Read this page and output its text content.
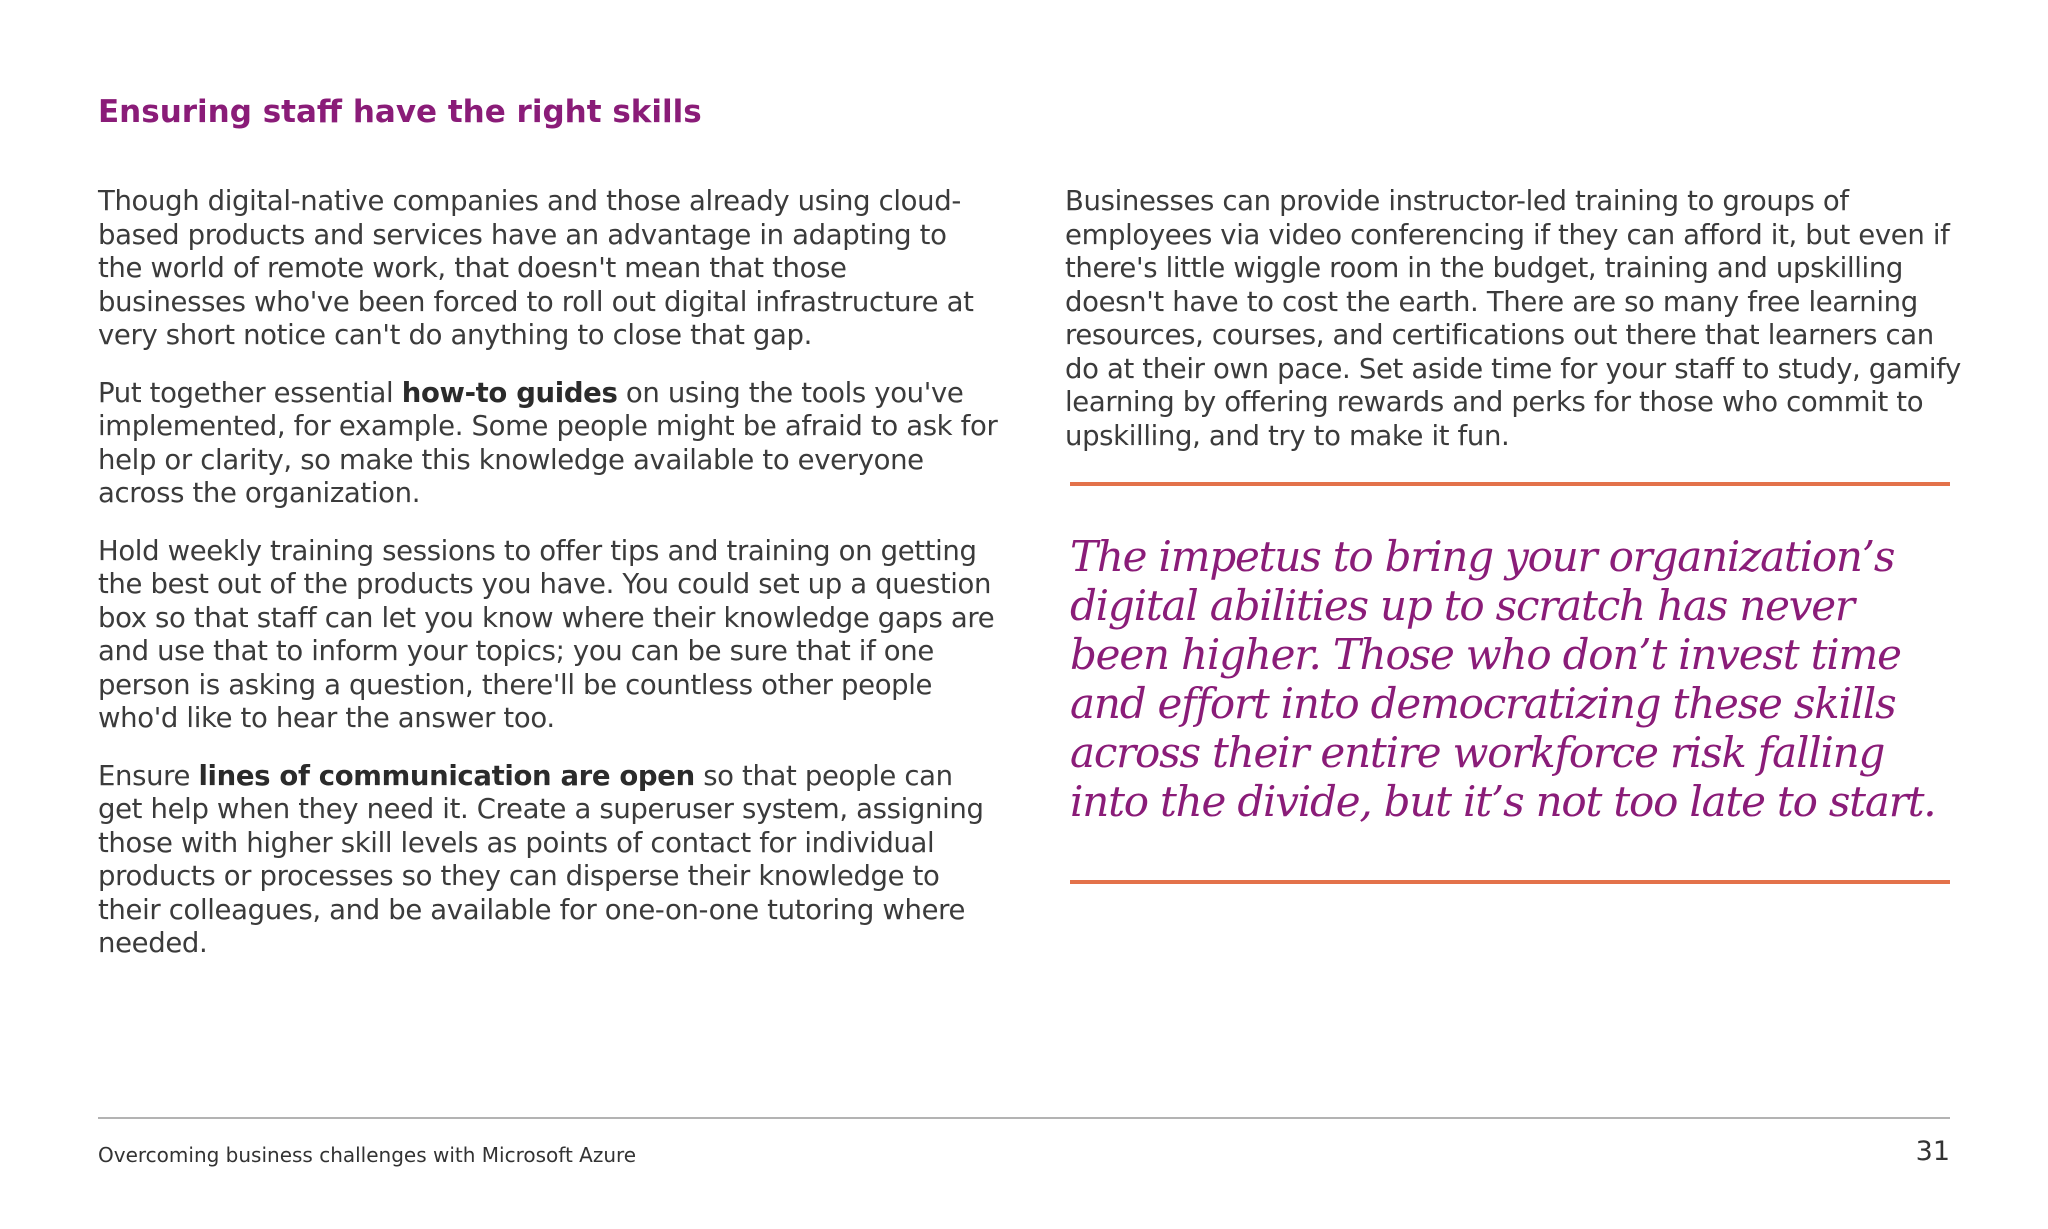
Ensuring staff have the right skills

Though digital-native companies and those already using cloud-based products and services have an advantage in adapting to the world of remote work, that doesn't mean that those businesses who've been forced to roll out digital infrastructure at very short notice can't do anything to close that gap.

Put together essential how-to guides on using the tools you've implemented, for example. Some people might be afraid to ask for help or clarity, so make this knowledge available to everyone across the organization.

Hold weekly training sessions to offer tips and training on getting the best out of the products you have. You could set up a question box so that staff can let you know where their knowledge gaps are and use that to inform your topics; you can be sure that if one person is asking a question, there'll be countless other people who'd like to hear the answer too.

Ensure lines of communication are open so that people can get help when they need it. Create a superuser system, assigning those with higher skill levels as points of contact for individual products or processes so they can disperse their knowledge to their colleagues, and be available for one-on-one tutoring where needed.

Businesses can provide instructor-led training to groups of employees via video conferencing if they can afford it, but even if there's little wiggle room in the budget, training and upskilling doesn't have to cost the earth. There are so many free learning resources, courses, and certifications out there that learners can do at their own pace. Set aside time for your staff to study, gamify learning by offering rewards and perks for those who commit to upskilling, and try to make it fun.

The impetus to bring your organization’s digital abilities up to scratch has never been higher. Those who don’t invest time and effort into democratizing these skills across their entire workforce risk falling into the divide, but it’s not too late to start.

Overcoming business challenges with Microsoft Azure	31
